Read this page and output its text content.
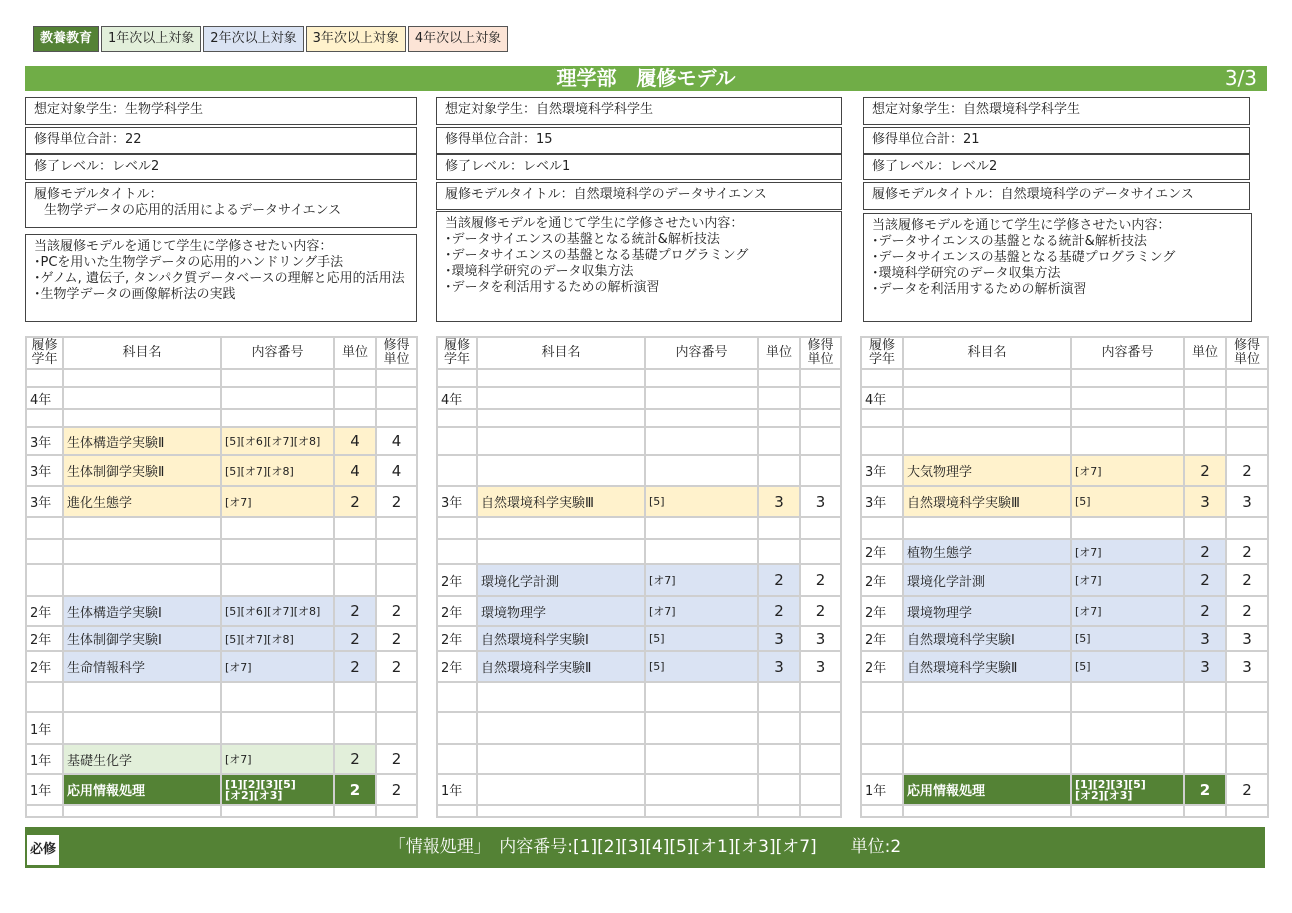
教養教育	1年次以上対象	2年次以上対象	3年次以上対象	4年次以上対象
理学部　履修モデル	3/3
想定対象学生：生物学科学生
修得単位合計：22
修了レベル：レベル2
履修モデルタイトル：
生物学データの応用的活用によるデータサイエンス
当該履修モデルを通じて学生に学修させたい内容：
･PCを用いた生物学データの応用的ハンドリング手法
･ゲノム, 遺伝子, タンパク質データベースの理解と応用的活用法
･生物学データの画像解析法の実践
想定対象学生：自然環境科学科学生
修得単位合計：15
修了レベル：レベル1
履修モデルタイトル：自然環境科学のデータサイエンス
当該履修モデルを通じて学生に学修させたい内容：
･データサイエンスの基盤となる統計&解析技法
･データサイエンスの基盤となる基礎プログラミング
･環境科学研究のデータ収集方法
･データを利活用するための解析演習
想定対象学生：自然環境科学科学生
修得単位合計：21
修了レベル：レベル2
履修モデルタイトル：自然環境科学のデータサイエンス
当該履修モデルを通じて学生に学修させたい内容：
･データサイエンスの基盤となる統計&解析技法
･データサイエンスの基盤となる基礎プログラミング
･環境科学研究のデータ収集方法
･データを利活用するための解析演習
履修
学年	科目名	内容番号	単位	修得
単位

4年				

3年	生体構造学実験Ⅱ	[5][オ6][オ7][オ8]	4	4
3年	生体制御学実験Ⅱ	[5][オ7][オ8]	4	4
3年	進化生態学	[オ7]	2	2

2年	生体構造学実験Ⅰ	[5][オ6][オ7][オ8]	2	2
2年	生体制御学実験Ⅰ	[5][オ7][オ8]	2	2
2年	生命情報科学	[オ7]	2	2

1年				
1年	基礎生化学	[オ7]	2	2
1年	応用情報処理	[1][2][3][5]
[オ2][オ3]	2	2

履修
学年	科目名	内容番号	単位	修得
単位

4年				

3年	自然環境科学実験Ⅲ	[5]	3	3

2年	環境化学計測	[オ7]	2	2
2年	環境物理学	[オ7]	2	2
2年	自然環境科学実験Ⅰ	[5]	3	3
2年	自然環境科学実験Ⅱ	[5]	3	3

1年				

履修
学年	科目名	内容番号	単位	修得
単位

4年				

3年	大気物理学	[オ7]	2	2
3年	自然環境科学実験Ⅲ	[5]	3	3

2年	植物生態学	[オ7]	2	2
2年	環境化学計測	[オ7]	2	2
2年	環境物理学	[オ7]	2	2
2年	自然環境科学実験Ⅰ	[5]	3	3
2年	自然環境科学実験Ⅱ	[5]	3	3

1年	応用情報処理	[1][2][3][5]
[オ2][オ3]	2	2

「情報処理」　内容番号:[1][2][3][4][5][オ1][オ3][オ7]　　単位:2
必修
